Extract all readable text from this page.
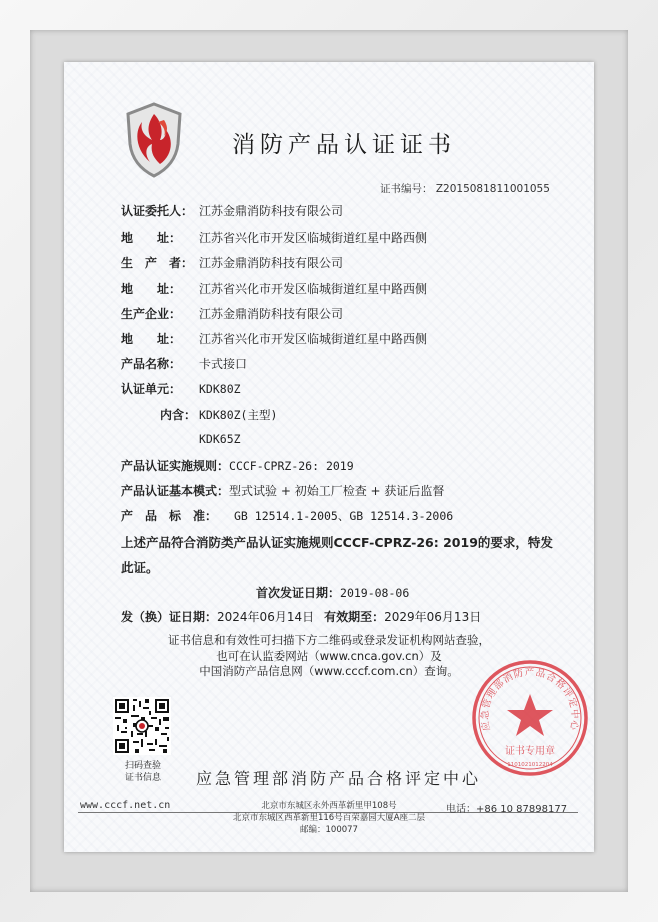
消防产品认证证书
证书编号： Z2015081811001055
认证委托人： 江苏金鼎消防科技有限公司
地　　址： 江苏省兴化市开发区临城街道红星中路西侧
生　产　者： 江苏金鼎消防科技有限公司
地　　址： 江苏省兴化市开发区临城街道红星中路西侧
生产企业： 江苏金鼎消防科技有限公司
地　　址： 江苏省兴化市开发区临城街道红星中路西侧
产品名称： 卡式接口
认证单元： KDK80Z
内含： KDK80Z(主型)
KDK65Z
产品认证实施规则：CCCF-CPRZ-26: 2019
产品认证基本模式：型式试验 + 初始工厂检查 + 获证后监督
产　品　标　准： GB 12514.1-2005、GB 12514.3-2006
上述产品符合消防类产品认证实施规则CCCF-CPRZ-26: 2019的要求，特发
此证。
首次发证日期：2019-08-06
发（换）证日期：2024年06月14日 有效期至：2029年06月13日
证书信息和有效性可扫描下方二维码或登录发证机构网站查验，
也可在认监委网站（www.cnca.gov.cn）及
中国消防产品信息网（www.cccf.com.cn）查询。
扫码查验
证书信息	应急管理部消防产品合格评定中心
证书专用章
1101021012204
应急管理部消防产品合格评定中心
www.cccf.net.cn	电话：+86 10 87898177
北京市东城区永外西革新里甲108号
北京市东城区西革新里116号百荣嘉园大厦A座二层
邮编：100077
